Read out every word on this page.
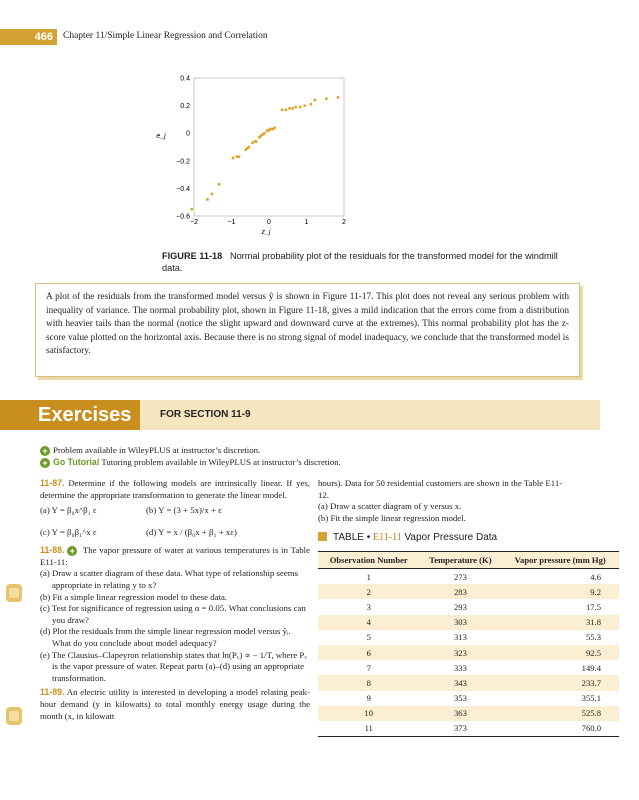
466	Chapter 11/Simple Linear Regression and Correlation
0.4
0.2
0
−0.2
−0.4
−0.6
−2	−1	0	1	2
e_j
z_j
FIGURE 11-18 Normal probability plot of the residuals for the transformed model for the windmill data.
A plot of the residuals from the transformed model versus ŷ is shown in Figure 11-17. This plot does not reveal any serious problem with inequality of variance. The normal probability plot, shown in Figure 11-18, gives a mild indication that the errors come from a distribution with heavier tails than the normal (notice the slight upward and downward curve at the extremes). This normal probability plot has the z-score value plotted on the horizontal axis. Because there is no strong signal of model inadequacy, we conclude that the transformed model is satisfactory.
Exercises	FOR SECTION 11-9
+ Problem available in WileyPLUS at instructor’s discretion.
+ Go Tutorial Tutoring problem available in WileyPLUS at instructor’s discretion.

11-87. Determine if the following models are intrinsically linear. If yes, determine the appropriate transformation to generate the linear model.

(a) Y = β₀x^β₁ ε	(b) Y = (3 + 5x)/x + ε
(c) Y = β₀β₁^x ε	(d) Y = x / (β₀x + β₁ + xε)

11-88. + The vapor pressure of water at various temperatures is in Table E11-11:

(a) Draw a scatter diagram of these data. What type of relationship seems appropriate in relating y to x?

(b) Fit a simple linear regression model to these data.

(c) Test for significance of regression using α = 0.05. What conclusions can you draw?

(d) Plot the residuals from the simple linear regression model versus ŷᵢ. What do you conclude about model adequacy?

(e) The Clausius–Clapeyron relationship states that ln(Pᵥ) ∝ − 1/T, where Pᵥ is the vapor pressure of water. Repeat parts (a)–(d) using an appropriate transformation.

11-89. An electric utility is interested in developing a model relating peak-hour demand (y in kilowatts) to total monthly energy usage during the month (x, in kilowatt

hours). Data for 50 residential customers are shown in the Table E11-12.

(a) Draw a scatter diagram of y versus x.

(b) Fit the simple linear regression model.

TABLE • E11-11 Vapor Pressure Data
Observation Number	Temperature (K)	Vapor pressure (mm Hg)
1	273	4.6
2	283	9.2
3	293	17.5
4	303	31.8
5	313	55.3
6	323	92.5
7	333	149.4
8	343	233.7
9	353	355.1
10	363	525.8
11	373	760.0
